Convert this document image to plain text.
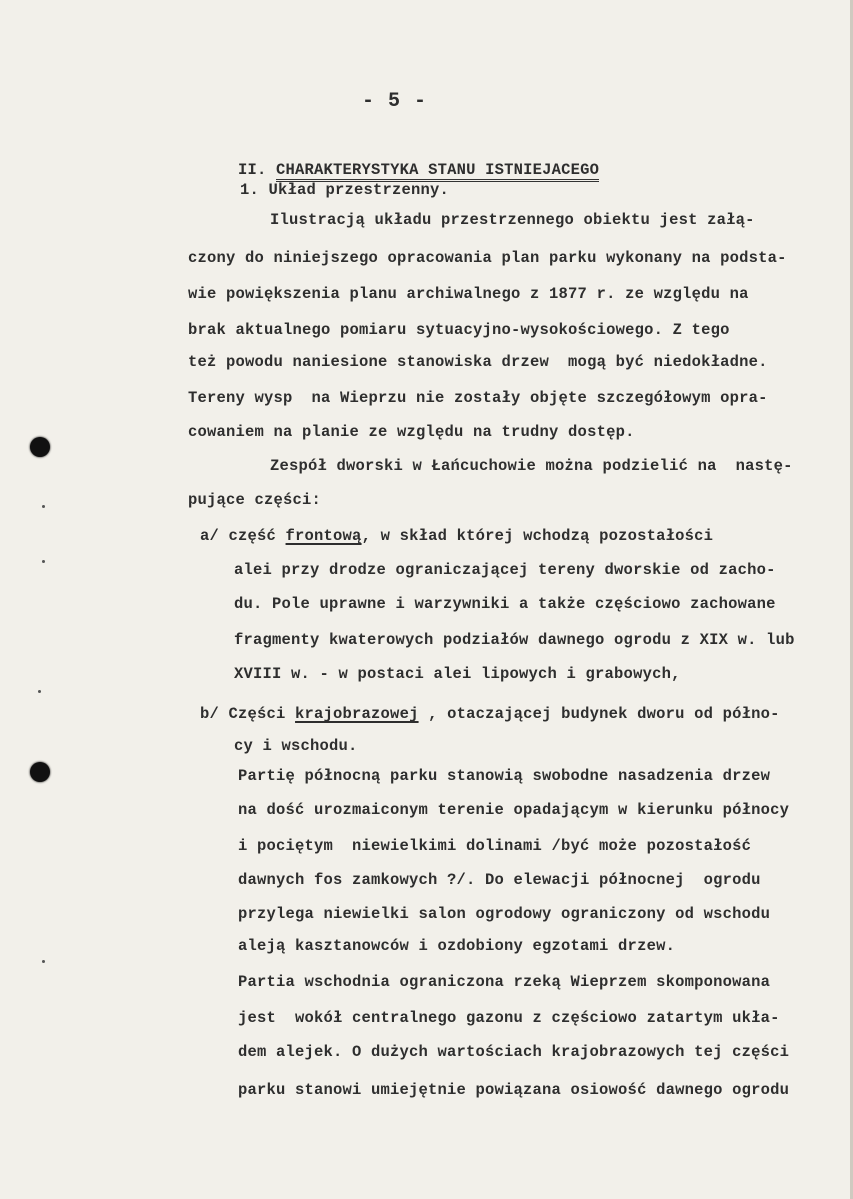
- 5 -

II. CHARAKTERYSTYKA STANU ISTNIEJACEGO

1. Układ przestrzenny.
Ilustracją układu przestrzennego obiektu jest załą-
czony do niniejszego opracowania plan parku wykonany na podsta-
wie powiększenia planu archiwalnego z 1877 r. ze względu na
brak aktualnego pomiaru sytuacyjno-wysokościowego. Z tego
też powodu naniesione stanowiska drzew  mogą być niedokładne.
Tereny wysp  na Wieprzu nie zostały objęte szczegółowym opra-
cowaniem na planie ze względu na trudny dostęp.
Zespół dworski w Łańcuchowie można podzielić na  nastę-
pujące części:
a/ część frontową, w skład której wchodzą pozostałości
alei przy drodze ograniczającej tereny dworskie od zacho-
du. Pole uprawne i warzywniki a także częściowo zachowane
fragmenty kwaterowych podziałów dawnego ogrodu z XIX w. lub
XVIII w. - w postaci alei lipowych i grabowych,
b/ Części krajobrazowej , otaczającej budynek dworu od półno-
cy i wschodu.
Partię północną parku stanowią swobodne nasadzenia drzew
na dość urozmaiconym terenie opadającym w kierunku północy
i pociętym  niewielkimi dolinami /być może pozostałość
dawnych fos zamkowych ?/. Do elewacji północnej  ogrodu
przylega niewielki salon ogrodowy ograniczony od wschodu
aleją kasztanowców i ozdobiony egzotami drzew.
Partia wschodnia ograniczona rzeką Wieprzem skomponowana
jest  wokół centralnego gazonu z częściowo zatartym ukła-
dem alejek. O dużych wartościach krajobrazowych tej części
parku stanowi umiejętnie powiązana osiowość dawnego ogrodu
